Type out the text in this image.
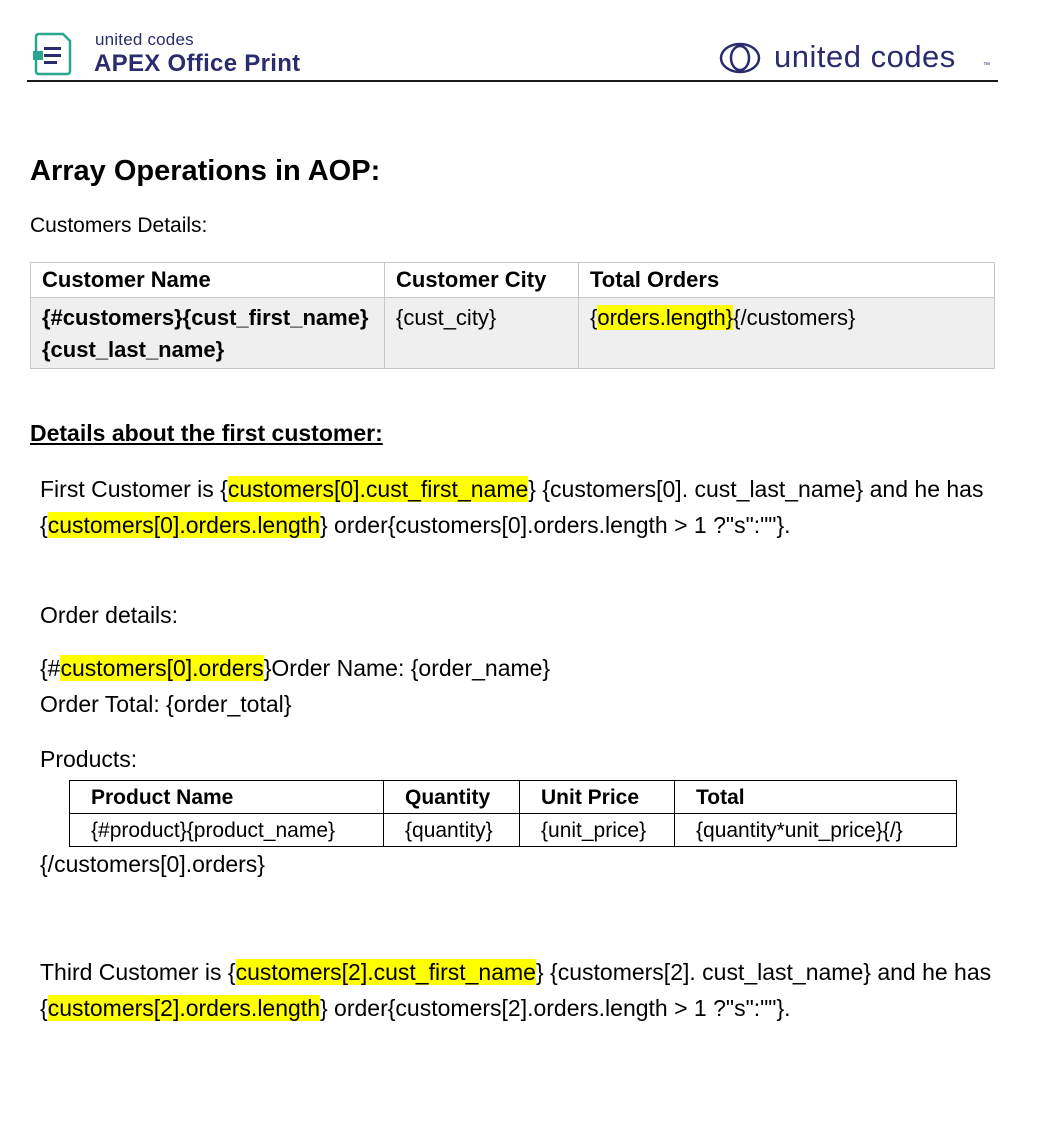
united codes
APEX Office Print	united codes	™
Array Operations in AOP:
Customers Details:
Customer Name	Customer City	Total Orders
{#customers}{cust_first_name}
{cust_last_name}	{cust_city}	{orders.length}{/customers}
Details about the first customer:

First Customer is {customers[0].cust_first_name} {customers[0]. cust_last_name} and he has {customers[0].orders.length} order{customers[0].orders.length > 1 ?"s":""}.

Order details:

{#customers[0].orders}Order Name: {order_name}
Order Total: {order_total}

Products:

Product Name	Quantity	Unit Price	Total
{#product}{product_name}	{quantity}	{unit_price}	{quantity*unit_price}{/}

{/customers[0].orders}

Third Customer is {customers[2].cust_first_name} {customers[2]. cust_last_name} and he has {customers[2].orders.length} order{customers[2].orders.length > 1 ?"s":""}.
